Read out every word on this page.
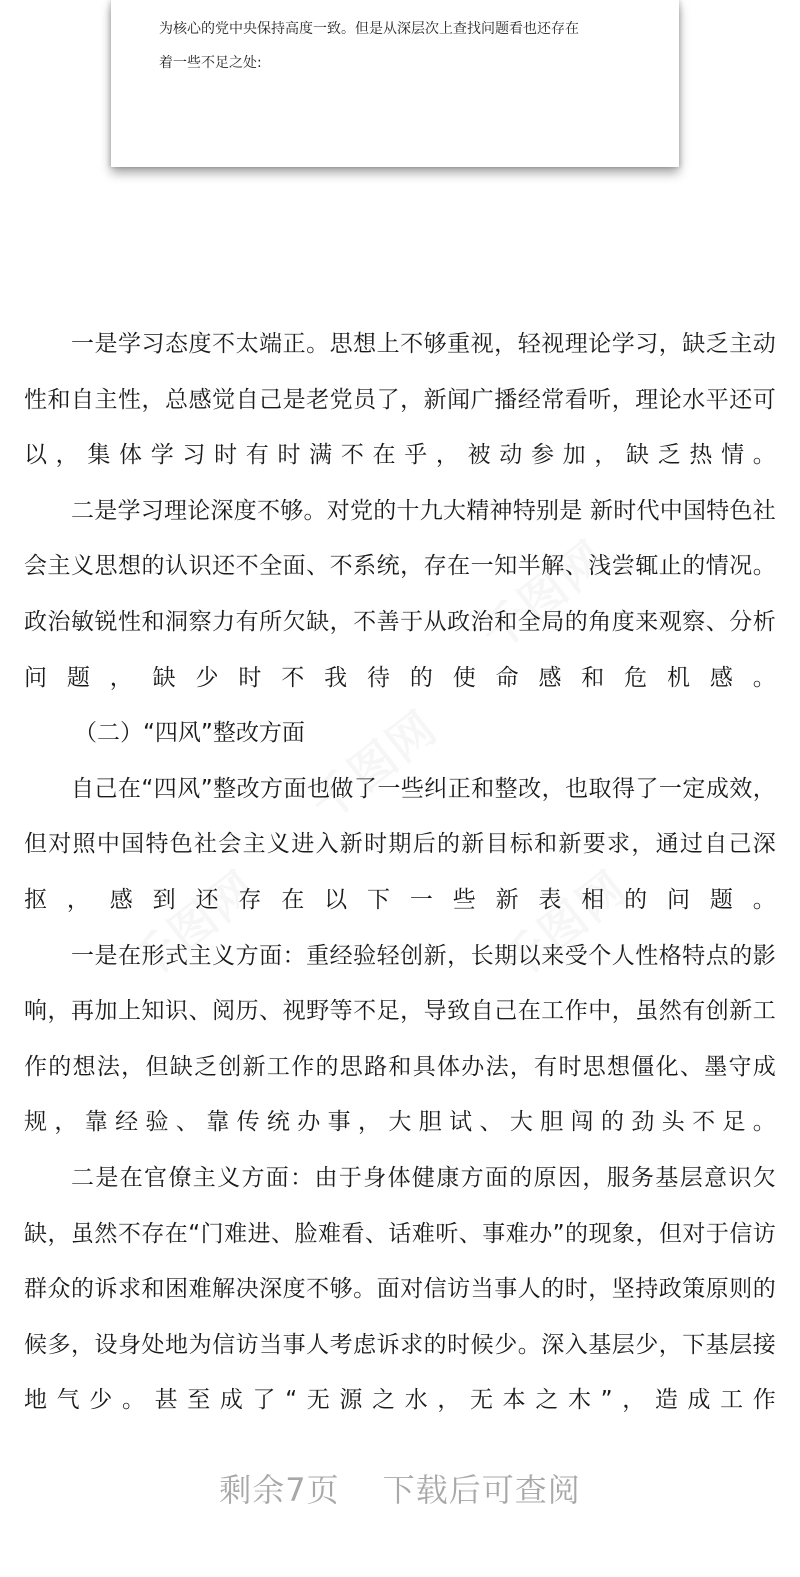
为核心的党中央保持高度一致。但是从深层次上查找问题看也还存在

着一些不足之处:

一是学习态度不太端正。思想上不够重视，轻视理论学习，缺乏主动性和自主性，总感觉自己是老党员了，新闻广播经常看听，理论水平还可以，集体学习时有时满不在乎，被动参加，缺乏热情。

二是学习理论深度不够。对党的十九大精神特别是 新时代中国特色社会主义思想的认识还不全面、不系统，存在一知半解、浅尝辄止的情况。政治敏锐性和洞察力有所欠缺，不善于从政治和全局的角度来观察、分析问题，缺少时不我待的使命感和危机感。

（二）“四风”整改方面

自己在“四风”整改方面也做了一些纠正和整改，也取得了一定成效，但对照中国特色社会主义进入新时期后的新目标和新要求，通过自己深抠，感到还存在以下一些新表相的问题。

一是在形式主义方面：重经验轻创新，长期以来受个人性格特点的影响，再加上知识、阅历、视野等不足，导致自己在工作中，虽然有创新工作的想法，但缺乏创新工作的思路和具体办法，有时思想僵化、墨守成规，靠经验、靠传统办事，大胆试、大胆闯的劲头不足。

二是在官僚主义方面：由于身体健康方面的原因，服务基层意识欠缺，虽然不存在“门难进、脸难看、话难听、事难办”的现象，但对于信访群众的诉求和困难解决深度不够。面对信访当事人的时，坚持政策原则的候多，设身处地为信访当事人考虑诉求的时候少。深入基层少，下基层接地气少。甚至成了“无源之水，无本之木”，造成工作

剩余7页 下载后可查阅
